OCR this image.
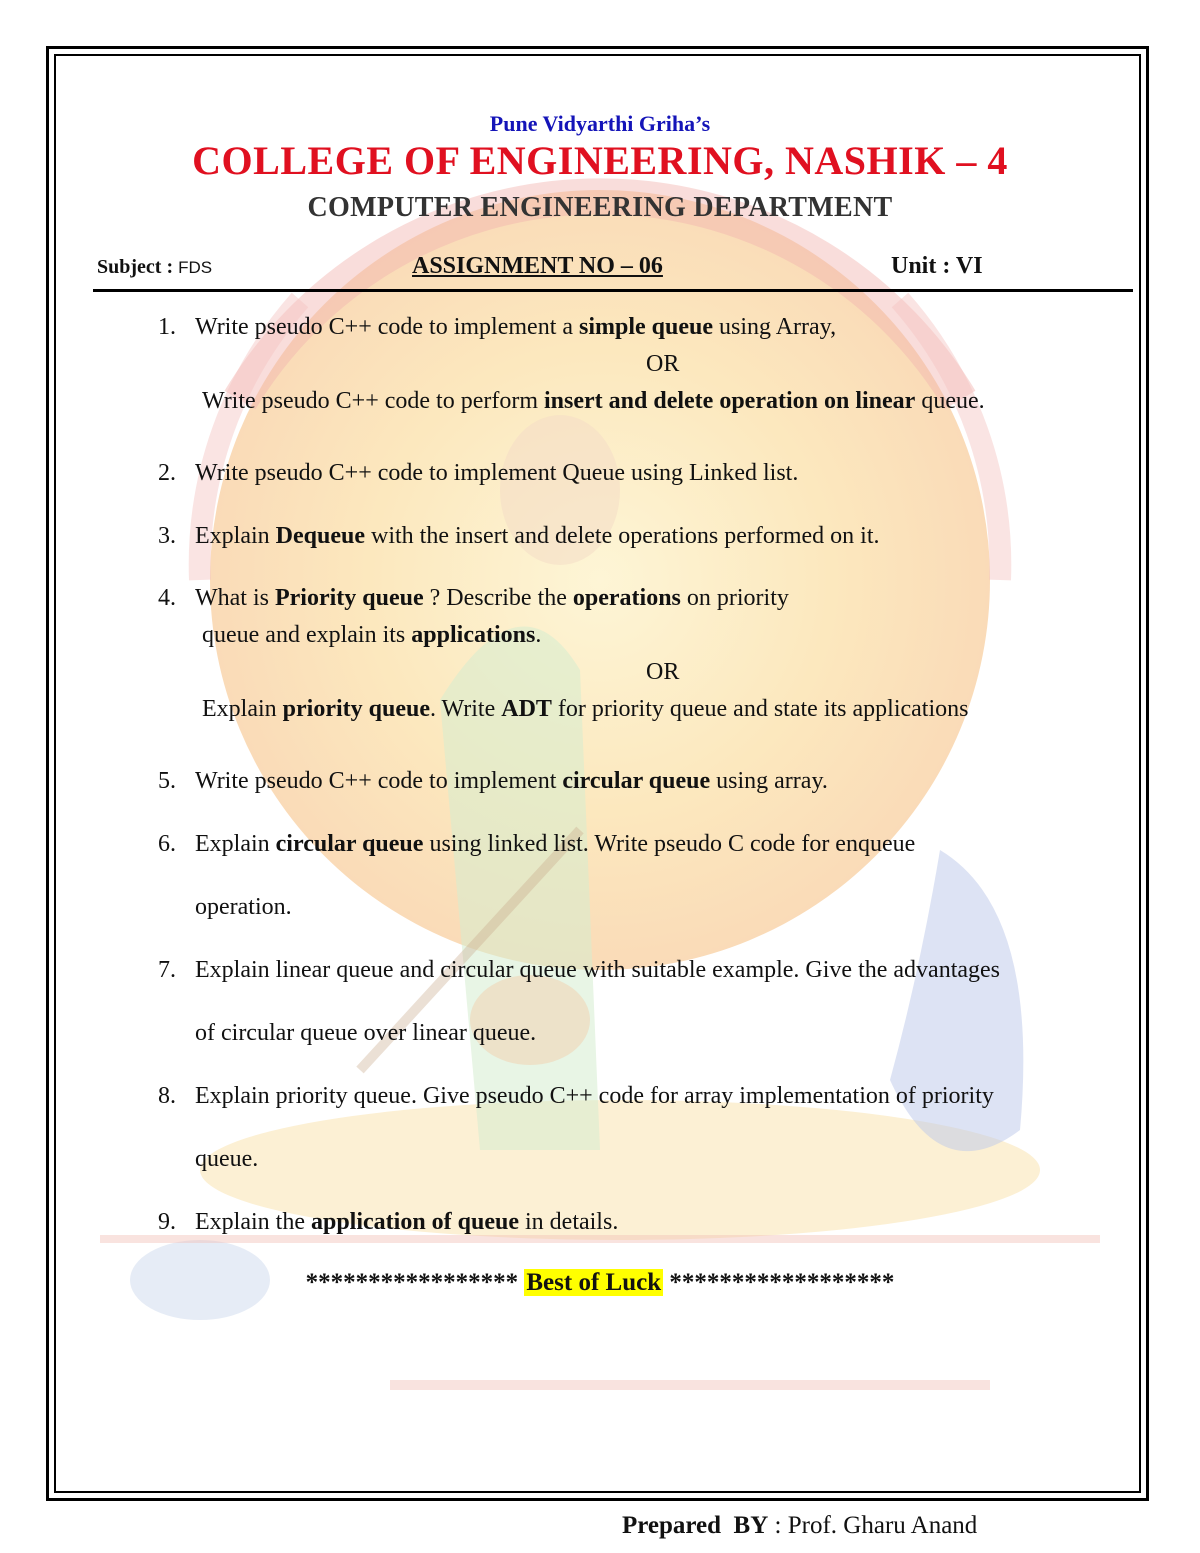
Pune Vidyarthi Griha’s
COLLEGE OF ENGINEERING, NASHIK – 4
COMPUTER ENGINEERING DEPARTMENT
Subject : FDS	ASSIGNMENT NO – 06	Unit : VI
1. Write pseudo C++ code to implement a simple queue using Array,
OR
Write pseudo C++ code to perform insert and delete operation on linear queue.
2. Write pseudo C++ code to implement Queue using Linked list.
3. Explain Dequeue with the insert and delete operations performed on it.
4. What is Priority queue ? Describe the operations on priority
queue and explain its applications.
OR
Explain priority queue. Write ADT for priority queue and state its applications
5. Write pseudo C++ code to implement circular queue using array.
6. Explain circular queue using linked list. Write pseudo C code for enqueue
operation.
7. Explain linear queue and circular queue with suitable example. Give the advantages
of circular queue over linear queue.
8. Explain priority queue. Give pseudo C++ code for array implementation of priority
queue.
9. Explain the application of queue in details.
***************** Best of Luck ******************
Prepared  BY : Prof. Gharu Anand
